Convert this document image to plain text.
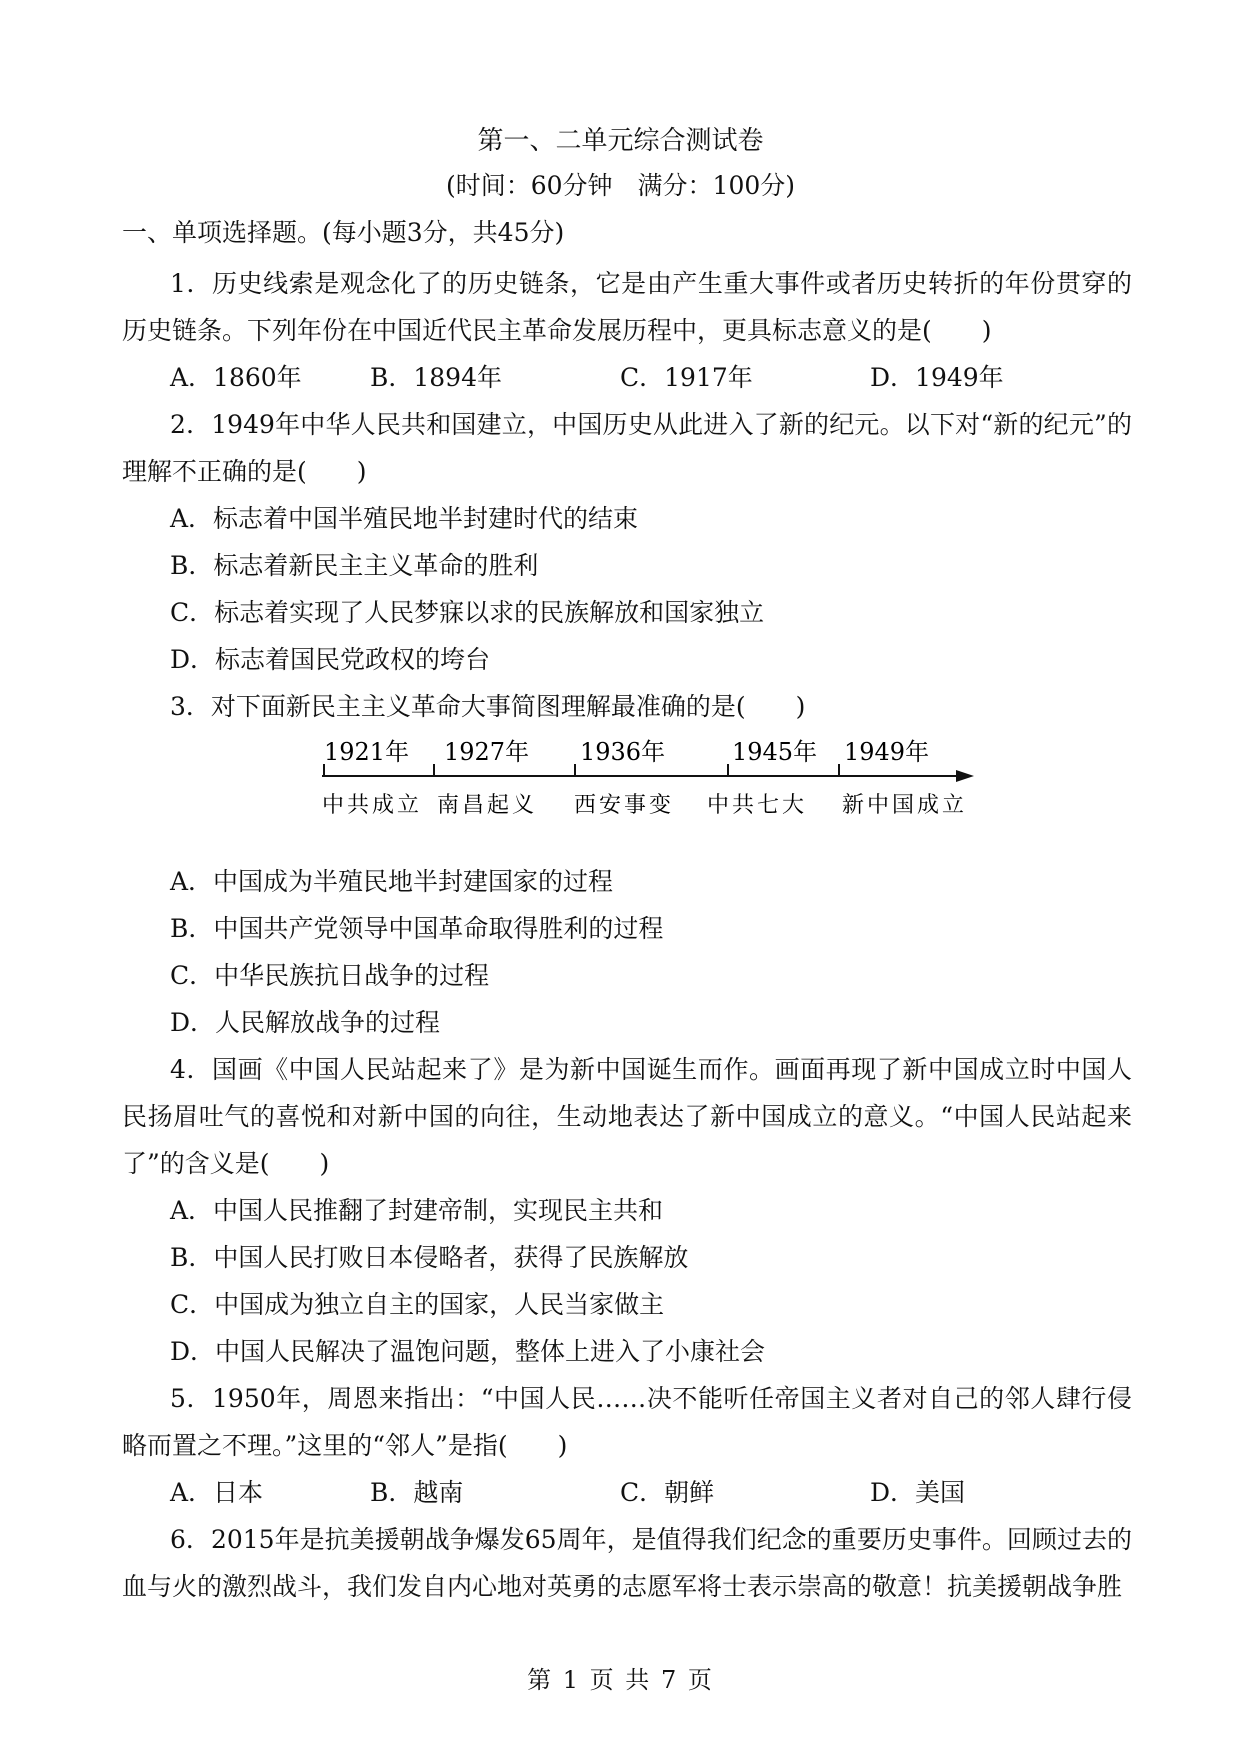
第一、二单元综合测试卷
(时间：60分钟　满分：100分)
一、单项选择题。(每小题3分，共45分)
1．历史线索是观念化了的历史链条，它是由产生重大事件或者历史转折的年份贯穿的历史链条。下列年份在中国近代民主革命发展历程中，更具标志意义的是(　　)
A．1860年	B．1894年	C．1917年	D．1949年
2．1949年中华人民共和国建立，中国历史从此进入了新的纪元。以下对“新的纪元”的理解不正确的是(　　)
A．标志着中国半殖民地半封建时代的结束
B．标志着新民主主义革命的胜利
C．标志着实现了人民梦寐以求的民族解放和国家独立
D．标志着国民党政权的垮台
3．对下面新民主主义革命大事简图理解最准确的是(　　)
1921年 1927年 1936年	1945年 1949年
中共成立 南昌起义 西安事变 中共七大 新中国成立
A．中国成为半殖民地半封建国家的过程
B．中国共产党领导中国革命取得胜利的过程
C．中华民族抗日战争的过程
D．人民解放战争的过程
4．国画《中国人民站起来了》是为新中国诞生而作。画面再现了新中国成立时中国人民扬眉吐气的喜悦和对新中国的向往，生动地表达了新中国成立的意义。“中国人民站起来了”的含义是(　　)
A．中国人民推翻了封建帝制，实现民主共和
B．中国人民打败日本侵略者，获得了民族解放
C．中国成为独立自主的国家，人民当家做主
D．中国人民解决了温饱问题，整体上进入了小康社会
5．1950年，周恩来指出：“中国人民……决不能听任帝国主义者对自己的邻人肆行侵略而置之不理。”这里的“邻人”是指(　　)
A．日本	B．越南	C．朝鲜	D．美国
6．2015年是抗美援朝战争爆发65周年，是值得我们纪念的重要历史事件。回顾过去的血与火的激烈战斗，我们发自内心地对英勇的志愿军将士表示崇高的敬意！抗美援朝战争胜
第 1 页 共 7 页
